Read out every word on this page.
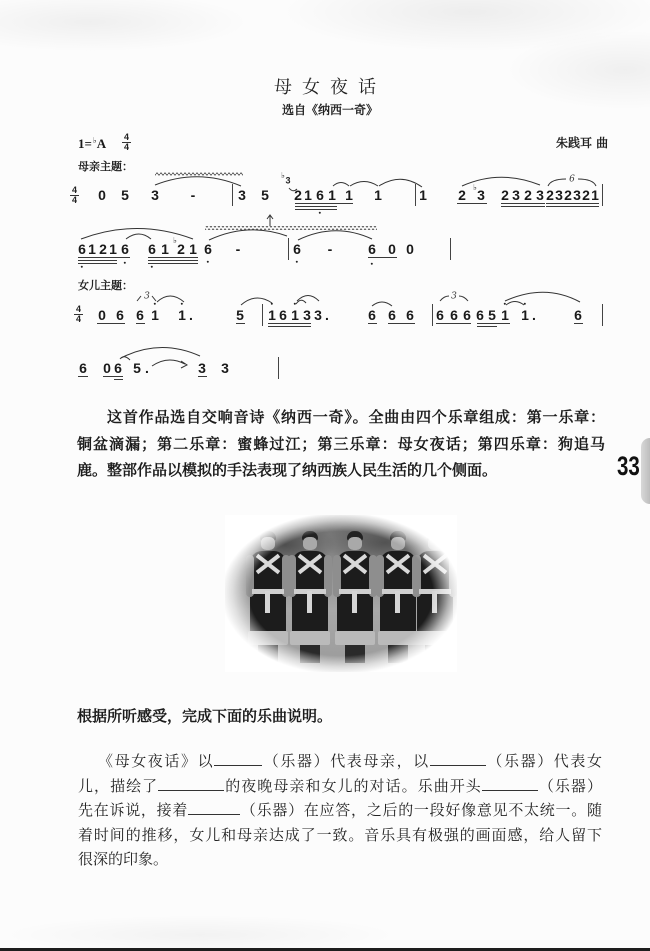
母女夜话
选自《纳西一奇》
1=♭A 4
4	朱践耳 曲
母亲主题：
4
4 0 5 3 -	3 5
♭ 3
2 1 6 1 1 1	1 2 ♭ 3 2 3 2 3 2 3 2 3 2 1
6
6 1 2 1 6 6 1
♭
2 1 6 -	6 -	6 0 0
女儿主题：
4
4 0 6 6 1 1 .	5 1 6 1 3 3 .	6 6 6 6 6 6 6 5 1 1 .	6
3	3
6 0 6 5 .	3 3
这首作品选自交响音诗《纳西一奇》。全曲由四个乐章组成：第一乐章：
铜盆滴漏；第二乐章：蜜蜂过江；第三乐章：母女夜话；第四乐章：狗追马
鹿。整部作品以模拟的手法表现了纳西族人民生活的几个侧面。	33
根据所听感受，完成下面的乐曲说明。
《母女夜话》以	（乐器）代表母亲，以	（乐器）代表女
儿，描绘了	的夜晚母亲和女儿的对话。乐曲开头	（乐器）
先在诉说，接着	（乐器）在应答，之后的一段好像意见不太统一。随
着时间的推移，女儿和母亲达成了一致。音乐具有极强的画面感，给人留下
很深的印象。
